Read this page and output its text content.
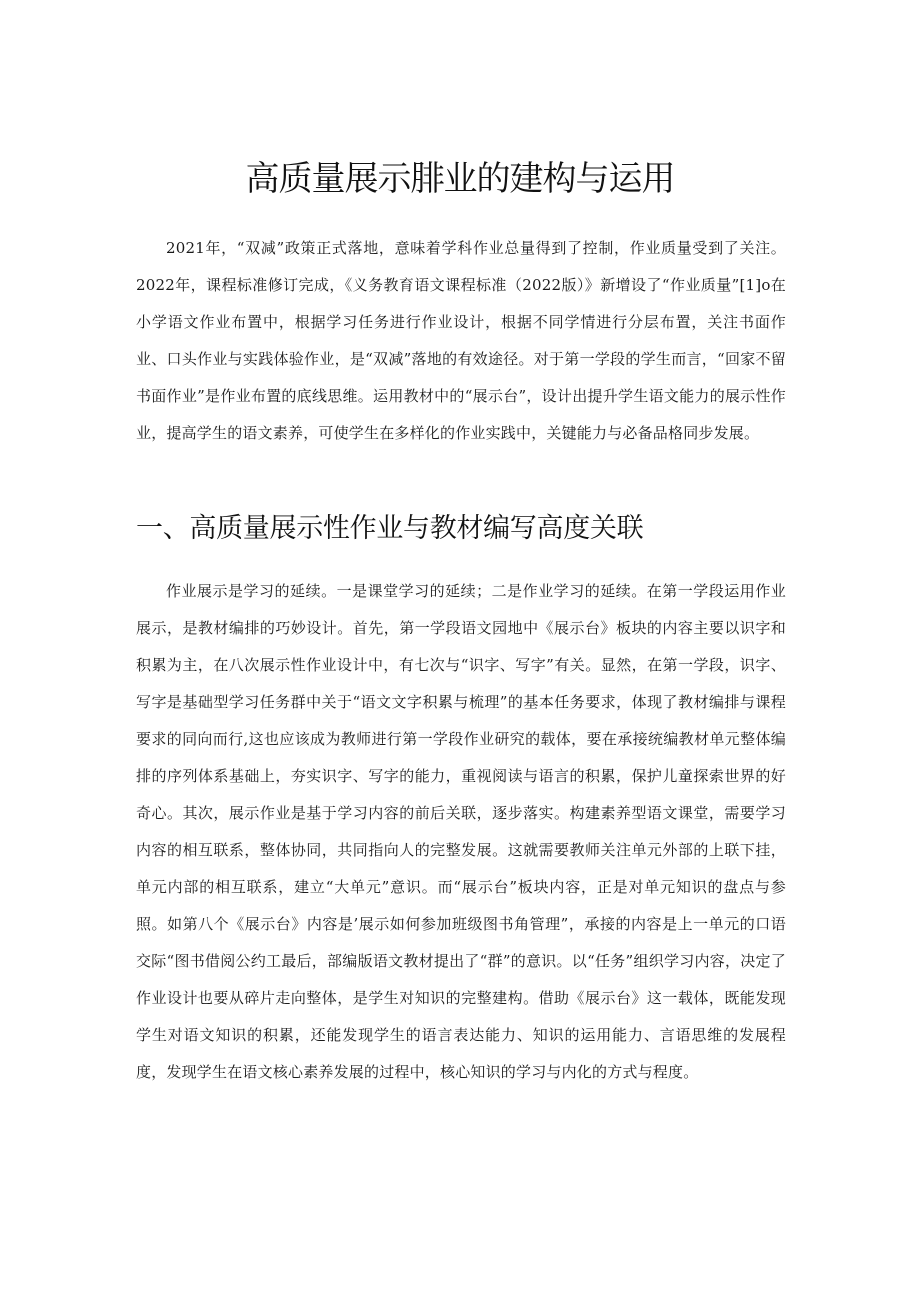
高质量展示腓业的建构与运用

2021年，“双减”政策正式落地，意味着学科作业总量得到了控制，作业质量受到了关注。2022年，课程标准修订完成，《义务教育语文课程标准（2022版）》新增设了“作业质量”[1]o在小学语文作业布置中，根据学习任务进行作业设计，根据不同学情进行分层布置，关注书面作业、口头作业与实践体验作业，是“双减”落地的有效途径。对于第一学段的学生而言，“回家不留书面作业”是作业布置的底线思维。运用教材中的“展示台”，设计出提升学生语文能力的展示性作业，提高学生的语文素养，可使学生在多样化的作业实践中，关键能力与必备品格同步发展。

一、高质量展示性作业与教材编写高度关联

作业展示是学习的延续。一是课堂学习的延续；二是作业学习的延续。在第一学段运用作业展示，是教材编排的巧妙设计。首先，第一学段语文园地中《展示台》板块的内容主要以识字和积累为主，在八次展示性作业设计中，有七次与“识字、写字”有关。显然，在第一学段，识字、写字是基础型学习任务群中关于“语文文字积累与梳理”的基本任务要求，体现了教材编排与课程要求的同向而行,这也应该成为教师进行第一学段作业研究的载体，要在承接统编教材单元整体编排的序列体系基础上，夯实识字、写字的能力，重视阅读与语言的积累，保护儿童探索世界的好奇心。其次，展示作业是基于学习内容的前后关联，逐步落实。构建素养型语文课堂，需要学习内容的相互联系，整体协同，共同指向人的完整发展。这就需要教师关注单元外部的上联下挂，单元内部的相互联系，建立“大单元”意识。而“展示台”板块内容，正是对单元知识的盘点与参照。如第八个《展示台》内容是’展示如何参加班级图书角管理”，承接的内容是上一单元的口语交际“图书借阅公约工最后，部编版语文教材提出了“群”的意识。以“任务”组织学习内容，决定了作业设计也要从碎片走向整体，是学生对知识的完整建构。借助《展示台》这一载体，既能发现学生对语文知识的积累，还能发现学生的语言表达能力、知识的运用能力、言语思维的发展程度，发现学生在语文核心素养发展的过程中，核心知识的学习与内化的方式与程度。
